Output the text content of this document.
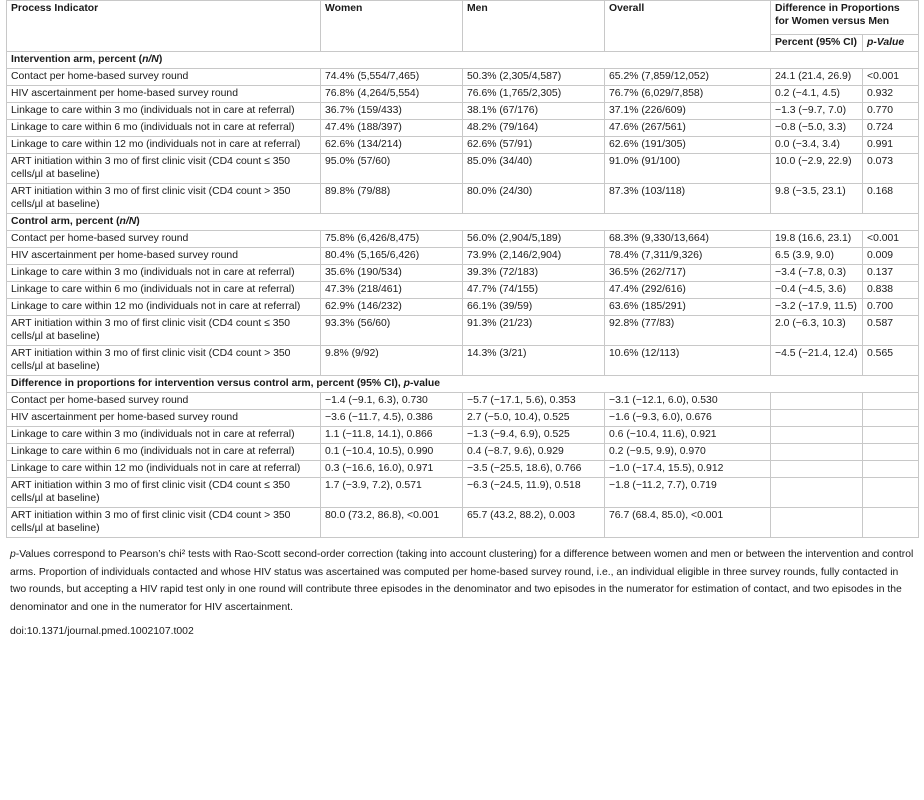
Process Indicator	Women	Men	Overall	Difference in Proportions for Women versus Men	
				Percent (95% CI)	p-Value
Intervention arm, percent (n/N)					
Contact per home-based survey round	74.4% (5,554/7,465)	50.3% (2,305/4,587)	65.2% (7,859/12,052)	24.1 (21.4, 26.9)	<0.001
HIV ascertainment per home-based survey round	76.8% (4,264/5,554)	76.6% (1,765/2,305)	76.7% (6,029/7,858)	0.2 (−4.1, 4.5)	0.932
Linkage to care within 3 mo (individuals not in care at referral)	36.7% (159/433)	38.1% (67/176)	37.1% (226/609)	−1.3 (−9.7, 7.0)	0.770
Linkage to care within 6 mo (individuals not in care at referral)	47.4% (188/397)	48.2% (79/164)	47.6% (267/561)	−0.8 (−5.0, 3.3)	0.724
Linkage to care within 12 mo (individuals not in care at referral)	62.6% (134/214)	62.6% (57/91)	62.6% (191/305)	0.0 (−3.4, 3.4)	0.991
ART initiation within 3 mo of first clinic visit (CD4 count ≤ 350 cells/µl at baseline)	95.0% (57/60)	85.0% (34/40)	91.0% (91/100)	10.0 (−2.9, 22.9)	0.073
ART initiation within 3 mo of first clinic visit (CD4 count > 350 cells/µl at baseline)	89.8% (79/88)	80.0% (24/30)	87.3% (103/118)	9.8 (−3.5, 23.1)	0.168
Control arm, percent (n/N)					
Contact per home-based survey round	75.8% (6,426/8,475)	56.0% (2,904/5,189)	68.3% (9,330/13,664)	19.8 (16.6, 23.1)	<0.001
HIV ascertainment per home-based survey round	80.4% (5,165/6,426)	73.9% (2,146/2,904)	78.4% (7,311/9,326)	6.5 (3.9, 9.0)	0.009
Linkage to care within 3 mo (individuals not in care at referral)	35.6% (190/534)	39.3% (72/183)	36.5% (262/717)	−3.4 (−7.8, 0.3)	0.137
Linkage to care within 6 mo (individuals not in care at referral)	47.3% (218/461)	47.7% (74/155)	47.4% (292/616)	−0.4 (−4.5, 3.6)	0.838
Linkage to care within 12 mo (individuals not in care at referral)	62.9% (146/232)	66.1% (39/59)	63.6% (185/291)	−3.2 (−17.9, 11.5)	0.700
ART initiation within 3 mo of first clinic visit (CD4 count ≤ 350 cells/µl at baseline)	93.3% (56/60)	91.3% (21/23)	92.8% (77/83)	2.0 (−6.3, 10.3)	0.587
ART initiation within 3 mo of first clinic visit (CD4 count > 350 cells/µl at baseline)	9.8% (9/92)	14.3% (3/21)	10.6% (12/113)	−4.5 (−21.4, 12.4)	0.565
Difference in proportions for intervention versus control arm, percent (95% CI), p-value					
Contact per home-based survey round	−1.4 (−9.1, 6.3), 0.730	−5.7 (−17.1, 5.6), 0.353	−3.1 (−12.1, 6.0), 0.530		
HIV ascertainment per home-based survey round	−3.6 (−11.7, 4.5), 0.386	2.7 (−5.0, 10.4), 0.525	−1.6 (−9.3, 6.0), 0.676		
Linkage to care within 3 mo (individuals not in care at referral)	1.1 (−11.8, 14.1), 0.866	−1.3 (−9.4, 6.9), 0.525	0.6 (−10.4, 11.6), 0.921		
Linkage to care within 6 mo (individuals not in care at referral)	0.1 (−10.4, 10.5), 0.990	0.4 (−8.7, 9.6), 0.929	0.2 (−9.5, 9.9), 0.970		
Linkage to care within 12 mo (individuals not in care at referral)	0.3 (−16.6, 16.0), 0.971	−3.5 (−25.5, 18.6), 0.766	−1.0 (−17.4, 15.5), 0.912		
ART initiation within 3 mo of first clinic visit (CD4 count ≤ 350 cells/µl at baseline)	1.7 (−3.9, 7.2), 0.571	−6.3 (−24.5, 11.9), 0.518	−1.8 (−11.2, 7.7), 0.719		
ART initiation within 3 mo of first clinic visit (CD4 count > 350 cells/µl at baseline)	80.0 (73.2, 86.8), <0.001	65.7 (43.2, 88.2), 0.003	76.7 (68.4, 85.0), <0.001		

p-Values correspond to Pearson’s chi² tests with Rao-Scott second-order correction (taking into account clustering) for a difference between women and men or between the intervention and control arms. Proportion of individuals contacted and whose HIV status was ascertained was computed per home-based survey round, i.e., an individual eligible in three survey rounds, fully contacted in two rounds, but accepting a HIV rapid test only in one round will contribute three episodes in the denominator and two episodes in the numerator for estimation of contact, and two episodes in the denominator and one in the numerator for HIV ascertainment.

doi:10.1371/journal.pmed.1002107.t002
